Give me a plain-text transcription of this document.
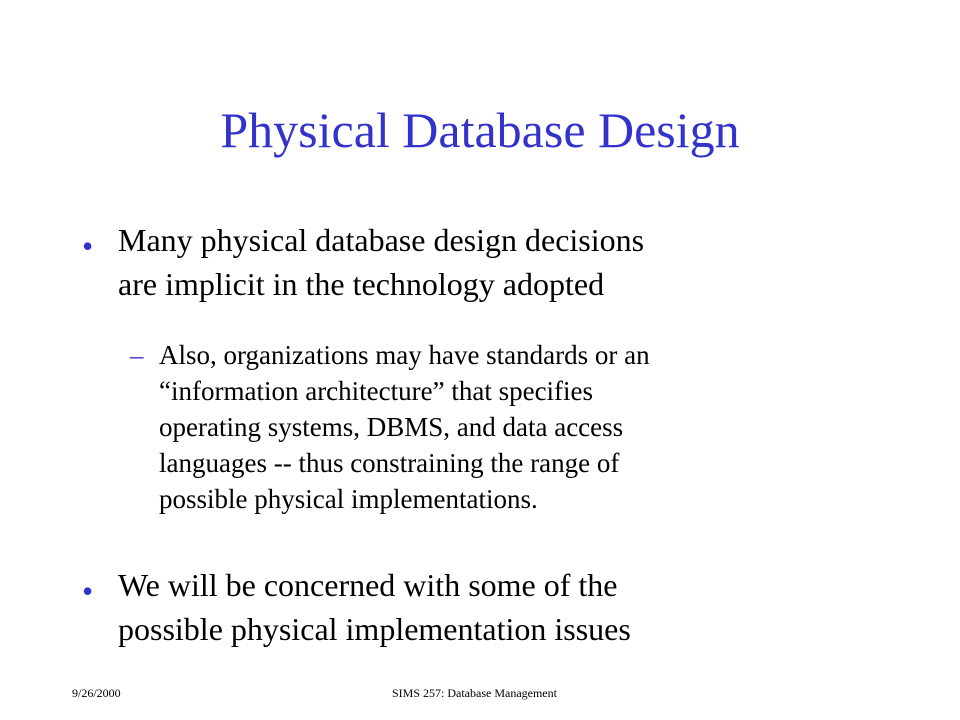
Physical Database Design
• Many physical database design decisions
are implicit in the technology adopted
– Also, organizations may have standards or an
“information architecture” that specifies
operating systems, DBMS, and data access
languages -- thus constraining the range of
possible physical implementations.
• We will be concerned with some of the
possible physical implementation issues
9/26/2000	SIMS 257: Database Management
